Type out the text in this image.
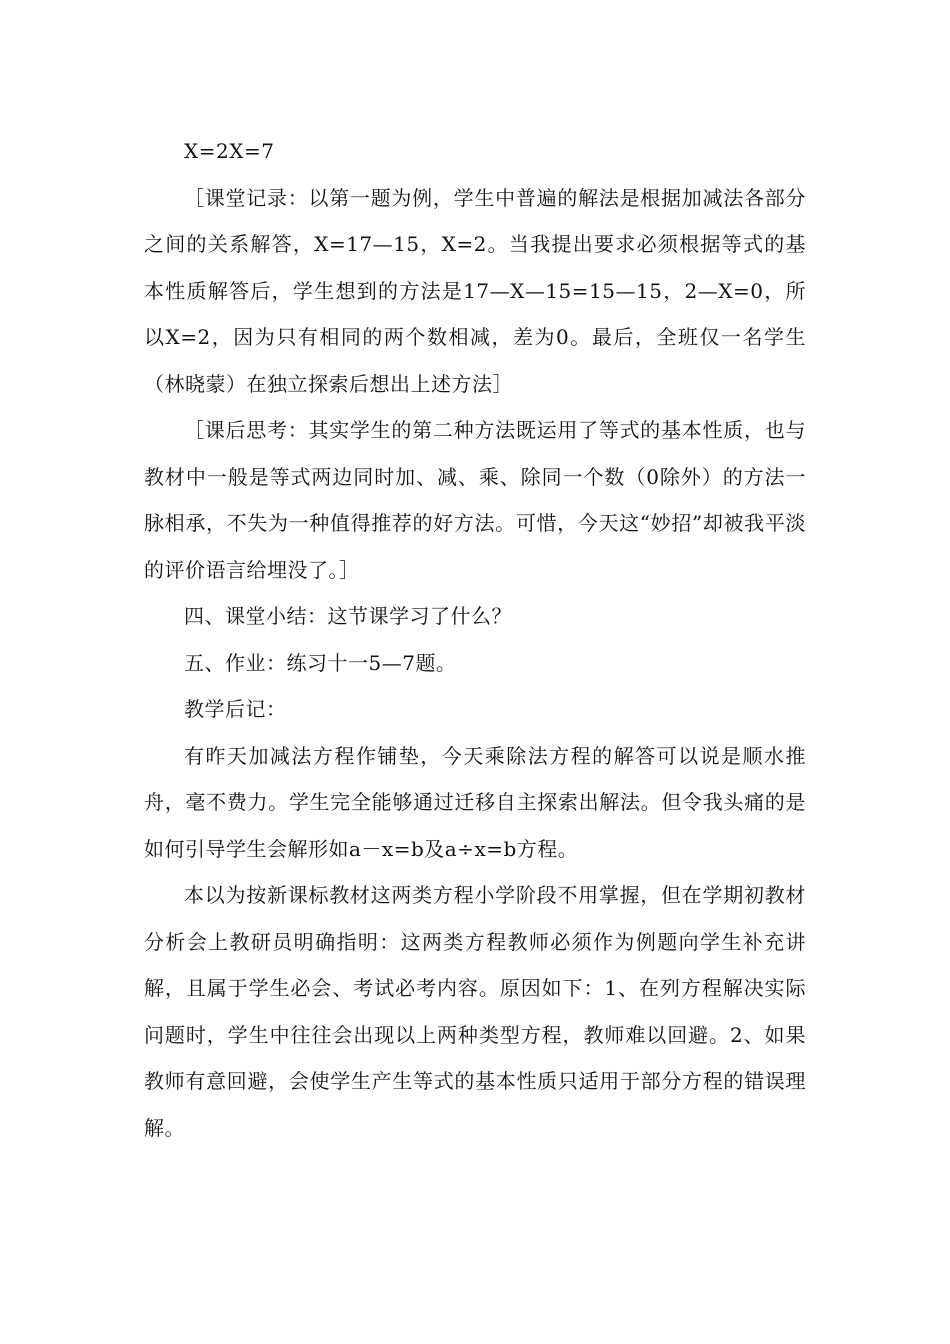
X=2X=7

［课堂记录：以第一题为例，学生中普遍的解法是根据加减法各部分之间的关系解答，X=17—15，X=2。当我提出要求必须根据等式的基本性质解答后，学生想到的方法是17—X—15=15—15，2—X=0，所以X=2，因为只有相同的两个数相减，差为0。最后，全班仅一名学生（林晓蒙）在独立探索后想出上述方法］

［课后思考：其实学生的第二种方法既运用了等式的基本性质，也与教材中一般是等式两边同时加、减、乘、除同一个数（0除外）的方法一脉相承，不失为一种值得推荐的好方法。可惜，今天这“妙招”却被我平淡的评价语言给埋没了。］

四、课堂小结：这节课学习了什么？

五、作业：练习十一5—7题。

教学后记：

有昨天加减法方程作铺垫，今天乘除法方程的解答可以说是顺水推舟，毫不费力。学生完全能够通过迁移自主探索出解法。但令我头痛的是如何引导学生会解形如a－x=b及a÷x=b方程。

本以为按新课标教材这两类方程小学阶段不用掌握，但在学期初教材分析会上教研员明确指明：这两类方程教师必须作为例题向学生补充讲解，且属于学生必会、考试必考内容。原因如下：1、在列方程解决实际问题时，学生中往往会出现以上两种类型方程，教师难以回避。2、如果教师有意回避，会使学生产生等式的基本性质只适用于部分方程的错误理解。
